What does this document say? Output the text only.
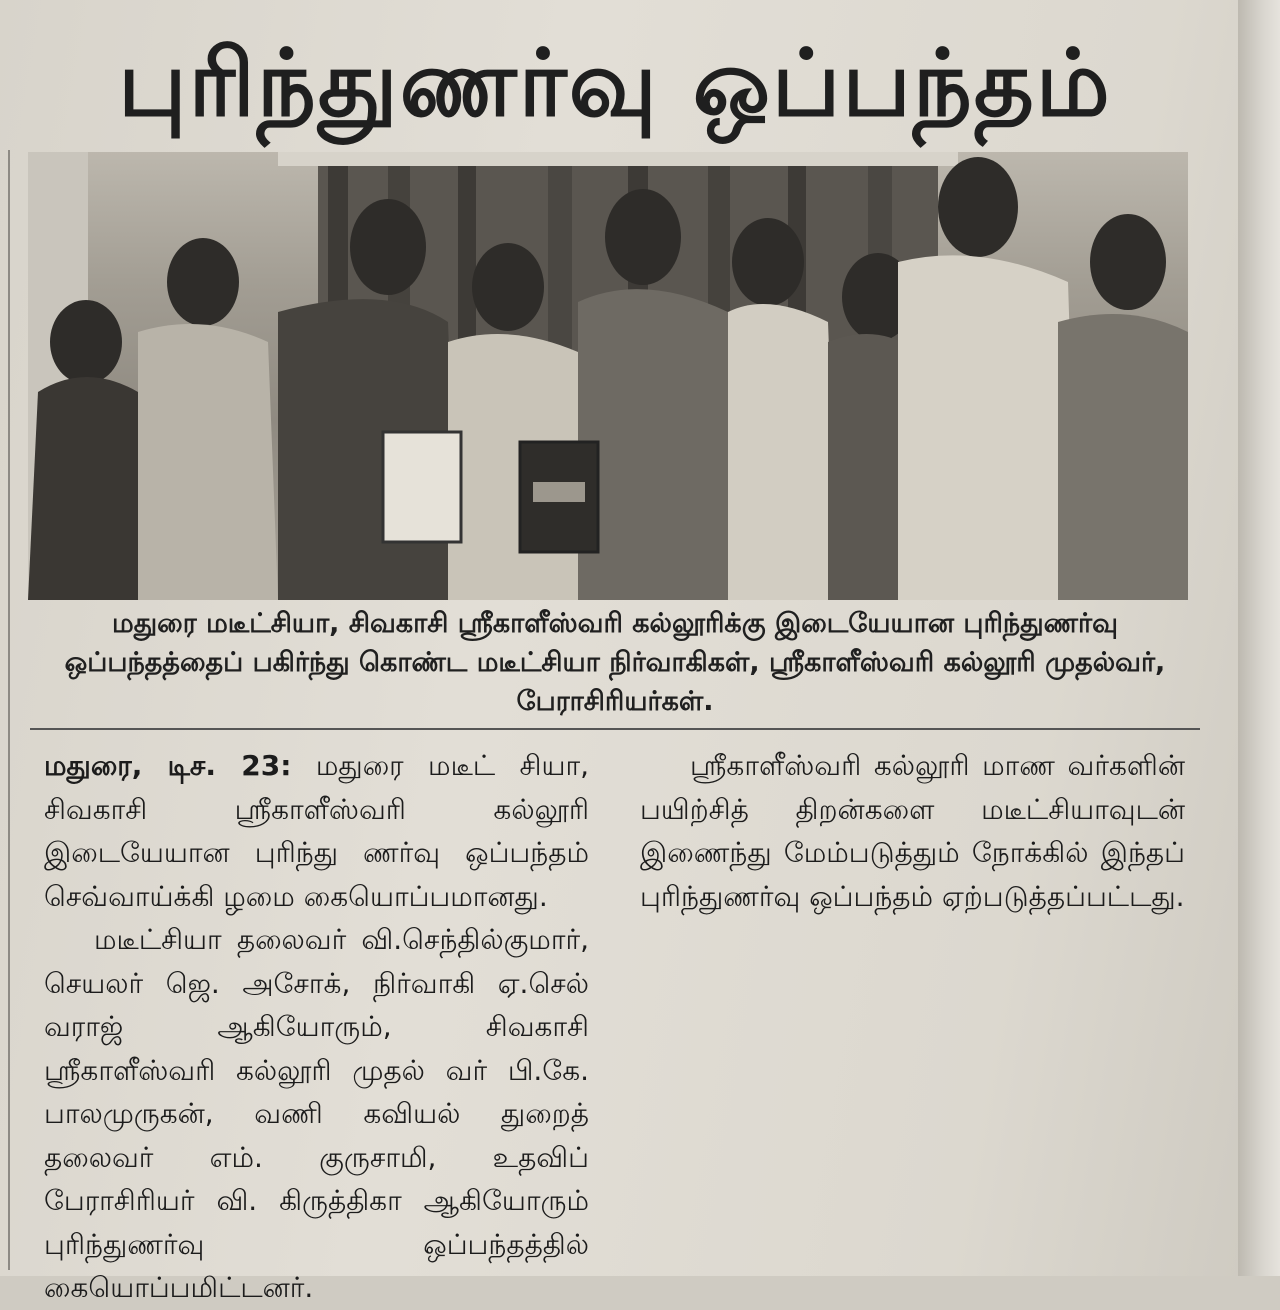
புரிந்துணர்வு ஒப்பந்தம்
மதுரை மடீட்சியா, சிவகாசி ஸ்ரீகாளீஸ்வரி கல்லூரிக்கு இடையேயான புரிந்துணர்வு ஒப்பந்தத்தைப் பகிர்ந்து கொண்ட மடீட்சியா நிர்வாகிகள், ஸ்ரீகாளீஸ்வரி கல்லூரி முதல்வர், பேராசிரியர்கள்.

மதுரை, டிச. 23: மதுரை மடீட் சியா, சிவகாசி ஸ்ரீகாளீஸ்வரி கல்லூரி இடையேயான புரிந்து ணர்வு ஒப்பந்தம் செவ்வாய்க்கி ழமை கையொப்பமானது.

மடீட்சியா தலைவர் வி.செந்தில்குமார், செயலர் ஜெ. அசோக், நிர்வாகி ஏ.செல் வராஜ் ஆகியோரும், சிவகாசி ஸ்ரீகாளீஸ்வரி கல்லூரி முதல் வர் பி.கே. பாலமுருகன், வணி கவியல் துறைத் தலைவர் எம். குருசாமி, உதவிப் பேராசிரியர் வி. கிருத்திகா ஆகியோரும் புரிந்துணர்வு ஒப்பந்தத்தில் கையொப்பமிட்டனர்.

ஸ்ரீகாளீஸ்வரி கல்லூரி மாண வர்களின் பயிற்சித் திறன்களை மடீட்சியாவுடன் இணைந்து மேம்படுத்தும் நோக்கில் இந்தப் புரிந்துணர்வு ஒப்பந்தம் ஏற்படுத்தப்பட்டது.
